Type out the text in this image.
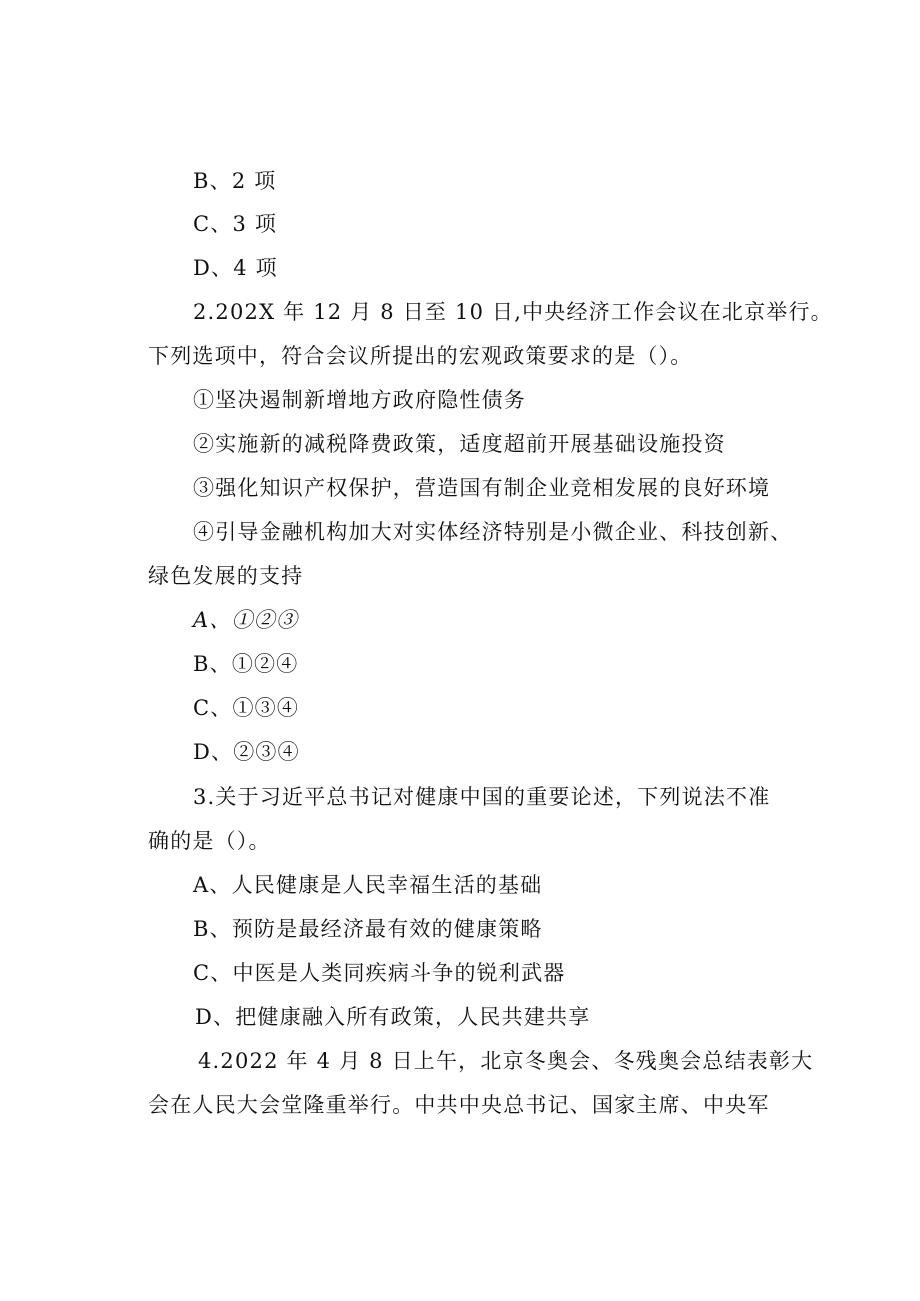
B、2 项
C、3 项
D、4 项
2.202X 年 12 月 8 日至 10 日,中央经济工作会议在北京举行。
下列选项中，符合会议所提出的宏观政策要求的是（）。
①坚决遏制新增地方政府隐性债务
②实施新的减税降费政策，适度超前开展基础设施投资
③强化知识产权保护，营造国有制企业竞相发展的良好环境
④引导金融机构加大对实体经济特别是小微企业、科技创新、
绿色发展的支持
A、①②③
B、①②④
C、①③④
D、②③④
3.关于习近平总书记对健康中国的重要论述，下列说法不准
确的是（）。
A、人民健康是人民幸福生活的基础
B、预防是最经济最有效的健康策略
C、中医是人类同疾病斗争的锐利武器
D、把健康融入所有政策，人民共建共享
4.2022 年 4 月 8 日上午，北京冬奥会、冬残奥会总结表彰大
会在人民大会堂隆重举行。中共中央总书记、国家主席、中央军
